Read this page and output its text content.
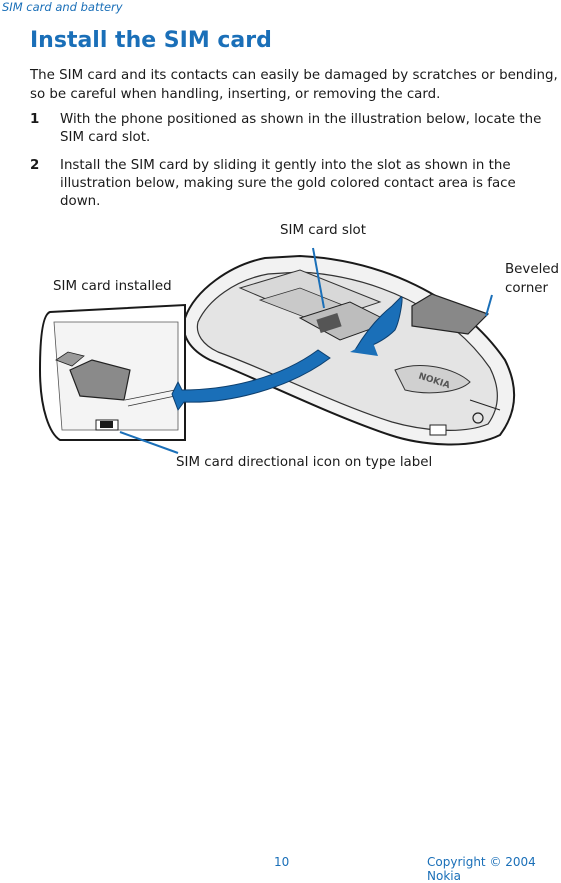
SIM card and battery
Install the SIM card
The SIM card and its contacts can easily be damaged by scratches or bending, so be careful when handling, inserting, or removing the card.
1 With the phone positioned as shown in the illustration below, locate the SIM card slot.
2 Install the SIM card by sliding it gently into the slot as shown in the illustration below, making sure the gold colored contact area is face down.
NOKIA
SIM card slot
SIM card installed
Beveled
corner
SIM card directional icon on type label
10	Copyright © 2004 Nokia
